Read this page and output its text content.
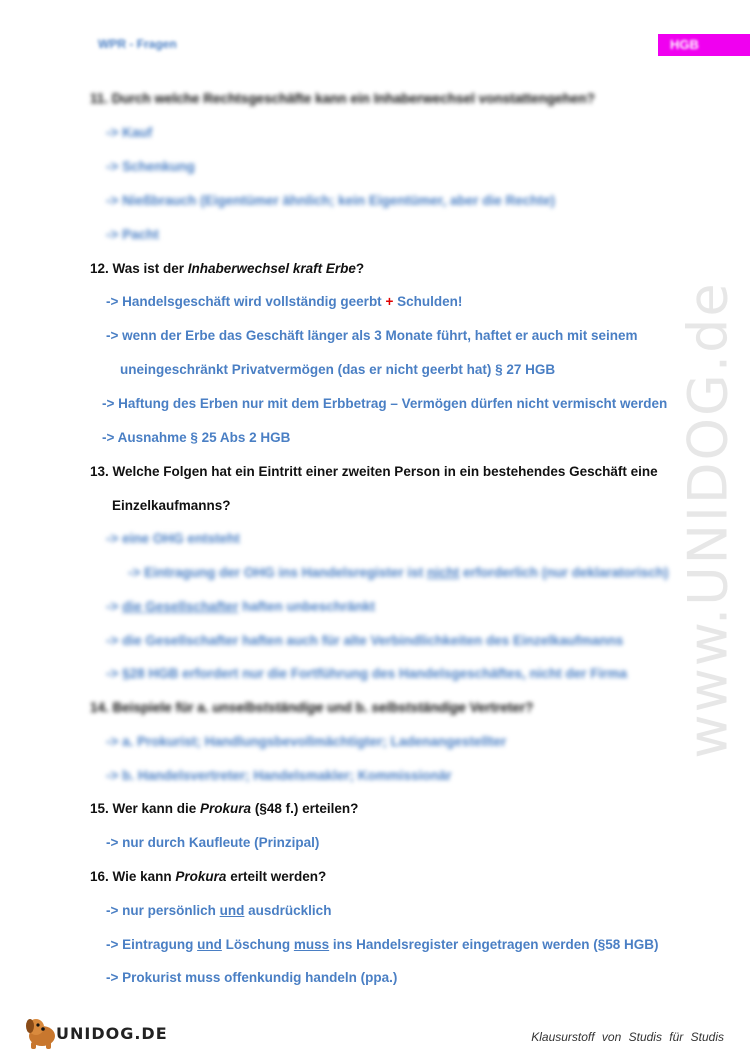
WPR - Fragen	HGB
www.UNIDOG.de
11. Durch welche Rechtsgeschäfte kann ein Inhaberwechsel vonstattengehen?
-> Kauf
-> Schenkung
-> Nießbrauch (Eigentümer ähnlich; kein Eigentümer, aber die Rechte)
-> Pacht
12. Was ist der Inhaberwechsel kraft Erbe?
-> Handelsgeschäft wird vollständig geerbt + Schulden!
-> wenn der Erbe das Geschäft länger als 3 Monate führt, haftet er auch mit seinem
uneingeschränkt Privatvermögen (das er nicht geerbt hat) § 27 HGB
-> Haftung des Erben nur mit dem Erbbetrag – Vermögen dürfen nicht vermischt werden
-> Ausnahme § 25 Abs 2 HGB
13. Welche Folgen hat ein Eintritt einer zweiten Person in ein bestehendes Geschäft eine
Einzelkaufmanns?
-> eine OHG entsteht
-> Eintragung der OHG ins Handelsregister ist nicht erforderlich (nur deklaratorisch)
-> die Gesellschafter haften unbeschränkt
-> die Gesellschafter haften auch für alte Verbindlichkeiten des Einzelkaufmanns
-> §28 HGB erfordert nur die Fortführung des Handelsgeschäftes, nicht der Firma
14. Beispiele für a. unselbstständige und b. selbstständige Vertreter?
-> a. Prokurist; Handlungsbevollmächtigter; Ladenangestellter
-> b. Handelsvertreter; Handelsmakler; Kommissionär
15. Wer kann die Prokura (§48 f.) erteilen?
-> nur durch Kaufleute (Prinzipal)
16. Wie kann Prokura erteilt werden?
-> nur persönlich und ausdrücklich
-> Eintragung und Löschung muss ins Handelsregister eingetragen werden (§58 HGB)
-> Prokurist muss offenkundig handeln (ppa.)
UNIDOG.DE	Klausurstoff von Studis für Studis
